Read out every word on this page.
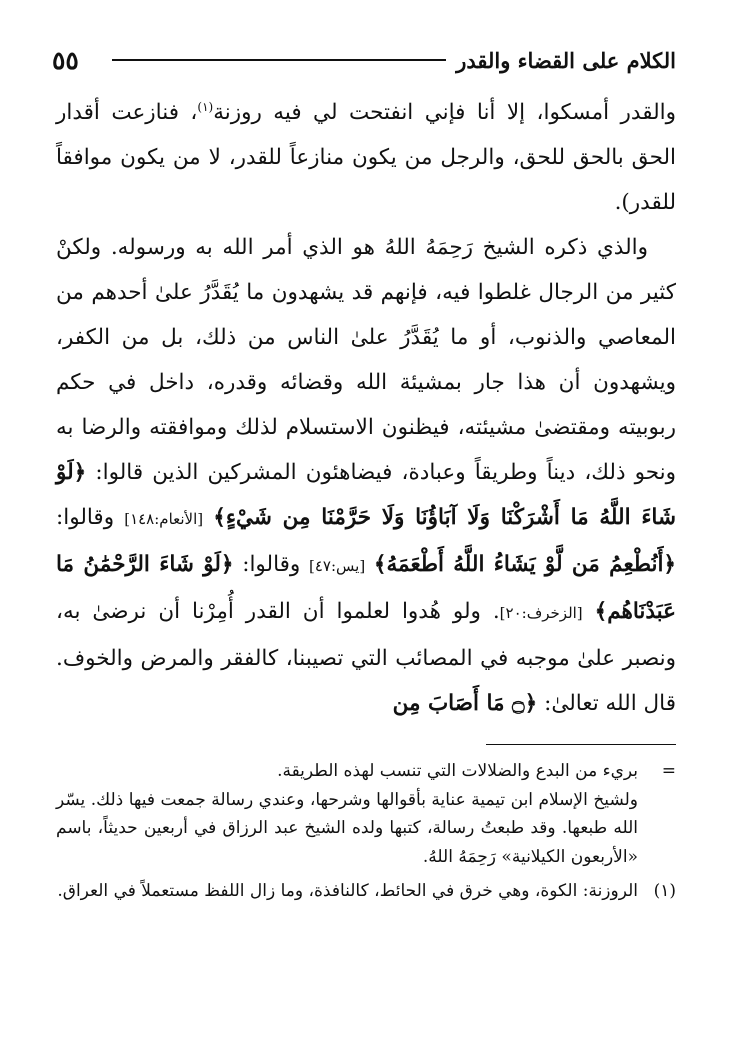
٥٥	الكلام على القضاء والقدر

والقدر أمسكوا، إلا أنا فإني انفتحت لي فيه روزنة$^{(١)}$، فنازعت أقدار الحق بالحق للحق، والرجل من يكون منازعاً للقدر، لا من يكون موافقاً للقدر).

والذي ذكره الشيخ رَحِمَهُ اللهُ هو الذي أمر الله به ورسوله. ولكنْ كثير من الرجال غلطوا فيه، فإنهم قد يشهدون ما يُقَدَّرُ علىٰ أحدهم من المعاصي والذنوب، أو ما يُقَدَّرُ علىٰ الناس من ذلك، بل من الكفر، ويشهدون أن هذا جار بمشيئة الله وقضائه وقدره، داخل في حكم ربوبيته ومقتضىٰ مشيئته، فيظنون الاستسلام لذلك وموافقته والرضا به ونحو ذلك، ديناً وطريقاً وعبادة، فيضاهئون المشركين الذين قالوا: ﴿لَوْ شَاءَ اللَّهُ مَا أَشْرَكْنَا وَلَا آبَاؤُنَا وَلَا حَرَّمْنَا مِن شَيْءٍ﴾ [الأنعام:١٤٨] وقالوا: ﴿أَنُطْعِمُ مَن لَّوْ يَشَاءُ اللَّهُ أَطْعَمَهُ﴾ [يس:٤٧] وقالوا: ﴿لَوْ شَاءَ الرَّحْمَٰنُ مَا عَبَدْنَاهُم﴾ [الزخرف:٢٠]. ولو هُدوا لعلموا أن القدر أُمِرْنا أن نرضىٰ به، ونصبر علىٰ موجبه في المصائب التي تصيبنا، كالفقر والمرض والخوف. قال الله تعالىٰ: ﴿۝ مَا أَصَابَ مِن

=
بريء من البدع والضلالات التي تنسب لهذه الطريقة.
ولشيخ الإسلام ابن تيمية عناية بأقوالها وشرحها، وعندي رسالة جمعت فيها ذلك. يسّر الله طبعها. وقد طبعتُ رسالة، كتبها ولده الشيخ عبد الرزاق في أربعين حديثاً، باسم «الأربعون الكيلانية» رَحِمَهُ اللهُ.
(١)
الروزنة: الكوة، وهي خرق في الحائط، كالنافذة، وما زال اللفظ مستعملاً في العراق.
